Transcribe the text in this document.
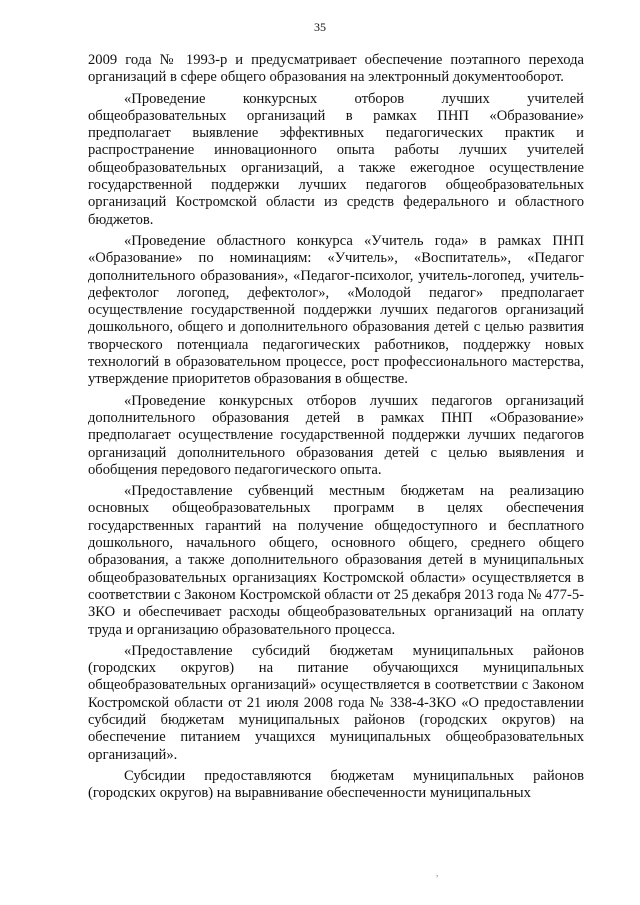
35

2009 года № 1993-р и предусматривает обеспечение поэтапного перехода организаций в сфере общего образования на электронный документооборот.

«Проведение конкурсных отборов лучших учителей общеобразовательных организаций в рамках ПНП «Образование» предполагает выявление эффективных педагогических практик и распространение инновационного опыта работы лучших учителей общеобразовательных организаций, а также ежегодное осуществление государственной поддержки лучших педагогов общеобразовательных организаций Костромской области из средств федерального и областного бюджетов.

«Проведение областного конкурса «Учитель года» в рамках ПНП «Образование» по номинациям: «Учитель», «Воспитатель», «Педагог дополнительного образования», «Педагог-психолог, учитель-логопед, учитель-дефектолог логопед, дефектолог», «Молодой педагог» предполагает осуществление государственной поддержки лучших педагогов организаций дошкольного, общего и дополнительного образования детей с целью развития творческого потенциала педагогических работников, поддержку новых технологий в образовательном процессе, рост профессионального мастерства, утверждение приоритетов образования в обществе.

«Проведение конкурсных отборов лучших педагогов организаций дополнительного образования детей в рамках ПНП «Образование» предполагает осуществление государственной поддержки лучших педагогов организаций дополнительного образования детей с целью выявления и обобщения передового педагогического опыта.

«Предоставление субвенций местным бюджетам на реализацию основных общеобразовательных программ в целях обеспечения государственных гарантий на получение общедоступного и бесплатного дошкольного, начального общего, основного общего, среднего общего образования, а также дополнительного образования детей в муниципальных общеобразовательных организациях Костромской области» осуществляется в соответствии с Законом Костромской области от 25 декабря 2013 года № 477-5-ЗКО и обеспечивает расходы общеобразовательных организаций на оплату труда и организацию образовательного процесса.

«Предоставление субсидий бюджетам муниципальных районов (городских округов) на питание обучающихся муниципальных общеобразовательных организаций» осуществляется в соответствии с Законом Костромской области от 21 июля 2008 года № 338-4-ЗКО «О предоставлении субсидий бюджетам муниципальных районов (городских округов) на обеспечение питанием учащихся муниципальных общеобразовательных организаций».

Субсидии предоставляются бюджетам муниципальных районов (городских округов) на выравнивание обеспеченности муниципальных

,
